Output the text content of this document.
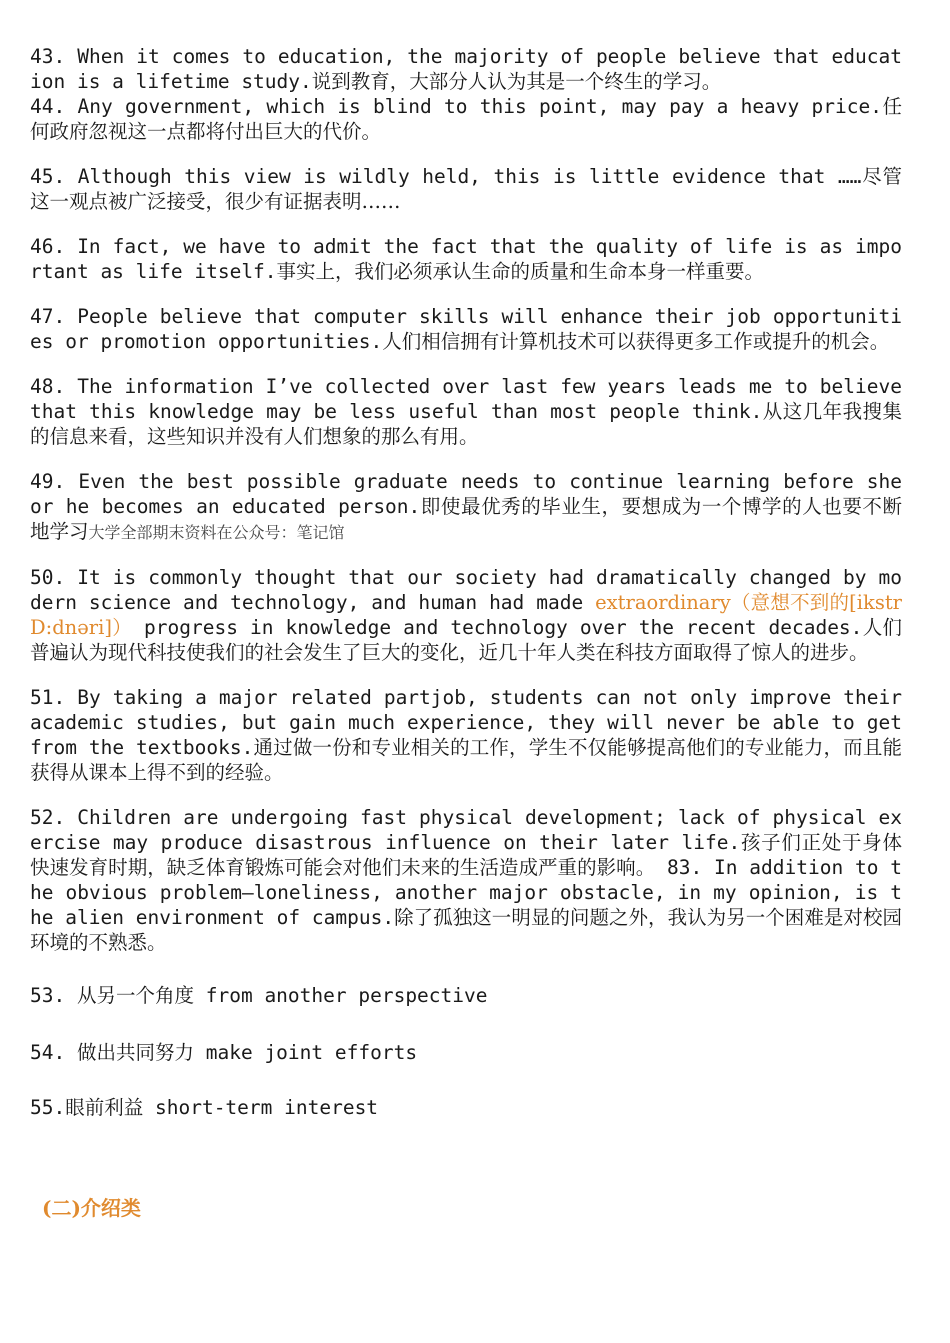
43. When it comes to education, the majority of people believe that education is a lifetime study.说到教育，大部分人认为其是一个终生的学习。

44. Any government, which is blind to this point, may pay a heavy price.任何政府忽视这一点都将付出巨大的代价。

45. Although this view is wildly held, this is little evidence that ……尽管这一观点被广泛接受，很少有证据表明……

46. In fact, we have to admit the fact that the quality of life is as important as life itself.事实上，我们必须承认生命的质量和生命本身一样重要。

47. People believe that computer skills will enhance their job opportunities or promotion opportunities.人们相信拥有计算机技术可以获得更多工作或提升的机会。

48. The information I’ve collected over last few years leads me to believe that this knowledge may be less useful than most people think.从这几年我搜集的信息来看，这些知识并没有人们想象的那么有用。

49. Even the best possible graduate needs to continue learning before she or he becomes an educated person.即使最优秀的毕业生，要想成为一个博学的人也要不断地学习大学全部期末资料在公众号：笔记馆

50. It is commonly thought that our society had dramatically changed by modern science and technology, and human had made extraordinary（意想不到的[ikstrD:dnəri]） progress in knowledge and technology over the recent decades.人们普遍认为现代科技使我们的社会发生了巨大的变化，近几十年人类在科技方面取得了惊人的进步。

51. By taking a major related partjob, students can not only improve their academic studies, but gain much experience, they will never be able to get from the textbooks.通过做一份和专业相关的工作，学生不仅能够提高他们的专业能力，而且能获得从课本上得不到的经验。

52. Children are undergoing fast physical development; lack of physical exercise may produce disastrous influence on their later life.孩子们正处于身体快速发育时期，缺乏体育锻炼可能会对他们未来的生活造成严重的影响。 83. In addition to the obvious problem—loneliness, another major obstacle, in my opinion, is the alien environment of campus.除了孤独这一明显的问题之外，我认为另一个困难是对校园环境的不熟悉。

53. 从另一个角度 from another perspective

54. 做出共同努力 make joint efforts

55.眼前利益 short-term interest

(二)介绍类
